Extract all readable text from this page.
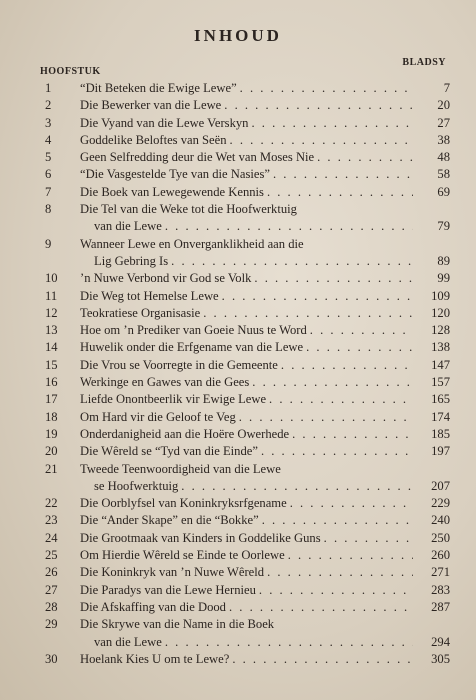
INHOUD
HOOFSTUK
BLADSY
1 “Dit Beteken die Ewige Lewe” . . .	7
2 Die Bewerker van die Lewe . . .	20
3 Die Vyand van die Lewe Verskyn . . .	27
4 Goddelike Beloftes van Seën . . .	38
5 Geen Selfredding deur die Wet van Moses Nie . . .	48
6 “Die Vasgestelde Tye van die Nasies” . . .	58
7 Die Boek van Lewegewende Kennis . . .	69
8	Die Tel van die Weke tot die Hoofwerktuig
van die Lewe . . .	79
9	Wanneer Lewe en Onverganklikheid aan die
Lig Gebring Is . . .	89
10 ’n Nuwe Verbond vir God se Volk . . .	99
11 Die Weg tot Hemelse Lewe . . .	109
12 Teokratiese Organisasie . . .	120
13 Hoe om ’n Prediker van Goeie Nuus te Word . . .	128
14 Huwelik onder die Erfgename van die Lewe . . .	138
15 Die Vrou se Voorregte in die Gemeente . . .	147
16 Werkinge en Gawes van die Gees . . .	157
17 Liefde Onontbeerlik vir Ewige Lewe . . .	165
18 Om Hard vir die Geloof te Veg . . .	174
19 Onderdanigheid aan die Hoëre Owerhede . . .	185
20 Die Wêreld se “Tyd van die Einde” . . .	197
21	Tweede Teenwoordigheid van die Lewe
se Hoofwerktuig . . .	207
22 Die Oorblyfsel van Koninkryksrfgename . . .	229
23 Die “Ander Skape” en die “Bokke” . . .	240
24 Die Grootmaak van Kinders in Goddelike Guns . . .	250
25 Om Hierdie Wêreld se Einde te Oorlewe . . .	260
26 Die Koninkryk van ’n Nuwe Wêreld . . .	271
27 Die Paradys van die Lewe Hernieu . . .	283
28 Die Afskaffing van die Dood . . .	287
29	Die Skrywe van die Name in die Boek
van die Lewe . . .	294
30 Hoelank Kies U om te Lewe? . . .	305
